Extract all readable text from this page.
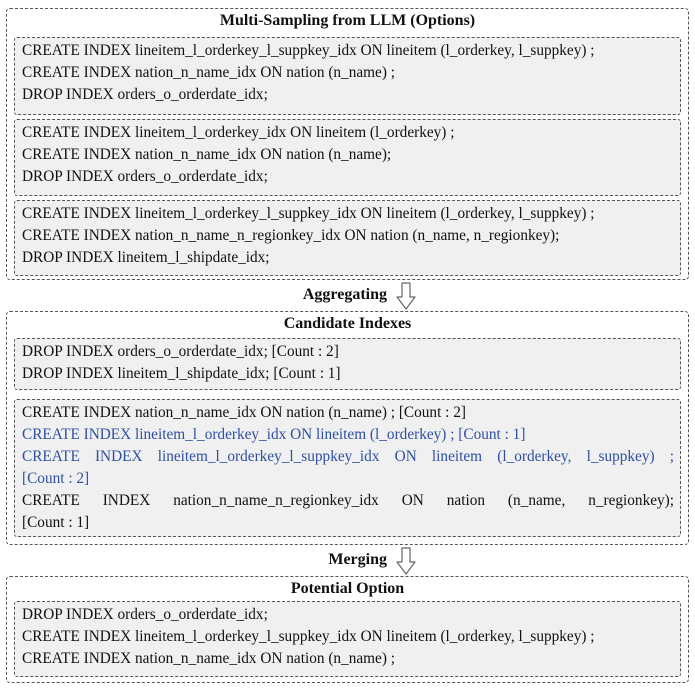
Multi-Sampling from LLM (Options)
CREATE INDEX lineitem_l_orderkey_l_suppkey_idx ON lineitem (l_orderkey, l_suppkey) ;
CREATE INDEX nation_n_name_idx ON nation (n_name) ;
DROP INDEX orders_o_orderdate_idx;
CREATE INDEX lineitem_l_orderkey_idx ON lineitem (l_orderkey) ;
CREATE INDEX nation_n_name_idx ON nation (n_name);
DROP INDEX orders_o_orderdate_idx;
CREATE INDEX lineitem_l_orderkey_l_suppkey_idx ON lineitem (l_orderkey, l_suppkey) ;
CREATE INDEX nation_n_name_n_regionkey_idx ON nation (n_name, n_regionkey);
DROP INDEX lineitem_l_shipdate_idx;
Aggregating
Candidate Indexes
DROP INDEX orders_o_orderdate_idx; [Count : 2]
DROP INDEX lineitem_l_shipdate_idx; [Count : 1]
CREATE INDEX nation_n_name_idx ON nation (n_name) ; [Count : 2]
CREATE INDEX lineitem_l_orderkey_idx ON lineitem (l_orderkey) ; [Count : 1]
CREATE INDEX lineitem_l_orderkey_l_suppkey_idx ON lineitem (l_orderkey, l_suppkey) ;
[Count : 2]
CREATE INDEX nation_n_name_n_regionkey_idx ON nation (n_name, n_regionkey);
[Count : 1]
Merging
Potential Option
DROP INDEX orders_o_orderdate_idx;
CREATE INDEX lineitem_l_orderkey_l_suppkey_idx ON lineitem (l_orderkey, l_suppkey) ;
CREATE INDEX nation_n_name_idx ON nation (n_name) ;
